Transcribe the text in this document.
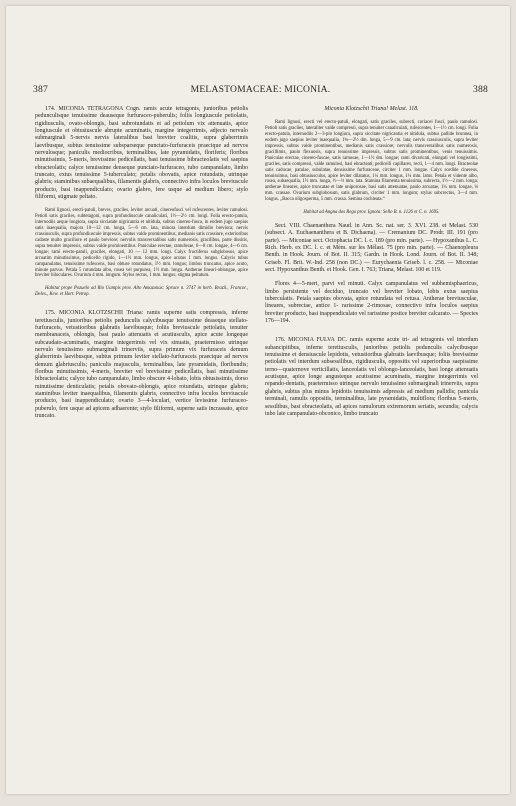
387	MELASTOMACEAE: MICONIA.	388

174. MICONIA TETRAGONA Cogn. ramis acute tetragonis, junioribus petiolis pedunculisque tenuissime deauseque furfuraceo-puberulis; foliis longiuscule petiolatis, rigidiusculis, ovato-oblongis, basi subrotundatis et ad petiolum vix attenuatis, apice longiuscule et obtusiuscule abrupte acuminatis, margine integerrimis, adjecto nervulo submarginali 5-nervis nervis lateralibus basi breviter coalitis, supra glaberrimis laevibusque, subtus tenuissime subsparseque punctato-furfuraceis praecique ad nervos nervulosque; paniculis mediocribus, terminalibus, late pyramidatis, floriferis; floribus minutissimis, 5-meris, brevissime pedicellatis, basi tenuissime bibracteolatis vel saepius ebracteolatis; calyce tenuissime denseque punctato-furfuraceo, tubo campanulato, limbo truncato, extus tenuissime 5-tuberculato; petalis obovatis, apice rotundatis, utrinque glabris; staminibus subaequalibus, filamentis glabris, connectivo infra loculos breviuscule producto, basi inappendiculato; ovario glabro, fere usque ad medium libero; stylo filiformi, stigmate peltato.

Rami lignosi, erecti-patuli, breves, graciles, leviter arcuati, cinereofusci vel rufescentes, leviter ramulosi. Petioli satis graciles, subtetagoni, supra profundiuscule canaliculati, 1½—2½ cm. longi. Folia erecto-patula, internodiis aeque longiora, supra sicciatate nigricantia et nitidula, subtus cinereo-fusca, in eodem jugo saepius satis inaequalia, majora 10—12 cm. longa, 5—6 cm. lata, minora interdum dimidio breviora; nervis crassiusculis, supra profundiuscule impressis, subtus valde prominentibus, medianis satis crassiore, exterioribus cadaste multo graciliore et paulo breviore; nervulis transversalibus satis numerosis, gracilibus, parte dissitis, supra tenuiter impressis, subtus valde prominentibus. Paniculae erectae, ramulosae, 6—8 cm. longae, 4—6 cm. longae; rami erecto-patuli, graciles, elongati, 10 — 12 mm. longi. Calyx fructiferus subglobosus, apice arcuatim minutissimus, pedicello rigido, 1—1½ mm. longus, apice acutus 1 mm. longus. Calycis tubus campanulatus, tenuissime rufescens, basi obtuse rotundatus, 1½ mm. longus; limbus truncatus, apice acuto, minute parvus. Petala 5 rotundata albo, rosea vel purpurea, 1½ mm. longa. Antherae lineari-oblongae, apice breviter biloculares. Ovarium 4 mm. longum. Stylus rectus, 1 mm. longus; stigma peltatum.

Habitat prope Pozuelo ad Rio Uampis prov. Alto Amazonas: Spruce n. 3747 in herb. Brazil., Francor., Deles., Kew. et Hort. Petrop.

175. MICONIA KLOTZSCHII Triana: ramis superne satis compressis, inferne teretiusculis, junioribus petiolis pedunculis calycibusque tenuissime deaseque stellato-furfuraceis, vetustioribus glabratis laevibusque; foliis breviuscule petiolatis, tenuiter membranaceis, oblongis, basi paulo attenuatis et acutiusculis, apice acute longeque subcaudato-acuminatis, margine integerrimis vel vix sinuatis, praetermisso utrinque nervulo tenuissimo submarginali trinerviis, supra primum vix furfuraceis demum glaberrimis laevibusque, subtus primum leviter stellato-furfuraceis praecique ad nervos demum glabriusculis; paniculis majusculis, terminalibus, late pyramidatis, floribundis; floribus minutissimis, 4-meris, breviter vel brevissime pedicellatis, basi minutissime bibracteolatis; calyce tubo campanulato, limbo obscure 4-lobato, lobis obtusissimis, dorso minutissime denticulatis; petalis obovato-oblongis, apice rotundatis, utrinque glabris; staminibus leviter inaequalibus, filamentis glabris, connectivo infra loculos breviuscule producto, basi inappendiculato; ovario 3—4-loculari, vertice levissime furfuraceo-puberulo, fere usque ad apicem adhaerente; stylo filiformi, superne satis incrassato, apice truncato.

Miconia Klotzschii Triana! Melast. 118.

Rami lignosi, erecti vel erecto-patuli, elongati, satis graciles, subrecti, coriacei fusci, paulo ramulosi. Petioli satis graciles, lateraliter valde compressi, supra tenuiter canaliculati, rufescentes, 1—1½ cm. longi. Folia erecto-patula, internodiis 2—3-plo longiora, supra siccitate nigricantia et nitidula, subtus pallide brunnea, in eodem jugo saepius leviter inaequalia, 1¾—2½ dm. longa, 5—9 cm. lata; nervis crassiusculis, supra leviter impressis, subtus valde prominentibus, medianis satis crassiore; nervulis transversalibus satis numerosis, gracillimis, paulo flexuosis, supra tenuissime impressis, subtus satis prominentibus, venis tenuissimis. Paniculae erectae, cinereo-fuscae, satis ramosae, 1—1½ dm. longae; rami divaricati, elongati vel longissimi, graciles, satis compressi, valde ramulosi, basi ebracteati; pedicelli capillares, recti, 1—4 mm. longi. Bracteolae satis caducae, patulae, subulatae, densissime furfuraceae, circiter 1 mm. longae. Calyx sordide cinereus, tenuissimus, basi obtusiusculus, apice leviter dilatatus, 1¼ mm. longus, 1¼ mm. latus. Petala et vidente albo, rosea, subaequalia, 1½ mm. longa, ½—⅔ mm. lata. Stamina filamenta tenuissima, subrecta, 1½—2 mm. longa; antherae lineares, apice truncatae et late uniporosae, basi satis attenuatae, paulo arcuatae, 1¼ mm. longae, ⅛ mm. crassae. Ovarium subglobosum, satis glabrum, circiter 1 mm. longum; stylus subcrectus, 3—4 mm. longus. „Bacca oligosperma, 5 mm. crassa. Semina cochleata.“

Habitat ad Angna dos Rego prov. Ignota: Sello B. n. 1126 et C. n. 1695.

Sect. VIII. Chaenanthera Naud. in Ann. Sc. nat. ser. 3. XVI. 238. et Melast. 530 (subsect. A. Euchaenanthera et B. Dichaena). — Cremanium DC. Prodr. III. 191 (pro parte). — Miconiae sect. Octophacia DC. l. c. 189 (pro min. parte). — Hypoxanthus L. C. Rich. Herb. ex DC. l. c. et Mém. sur les Mélast. 75 (pro min. parte). — Chaenopleura Benth. in Hook. Journ. of Bot. II. 315; Gardn. in Hook. Lond. Journ. of Bot. II. 348; Griseb. Fl. Brit. W.-Ind. 258 (non DC.) — Eurychaenia Griseb. l. c. 258. — Miconiae sect. Hypoxanthus Benth. et Hook. Gen. I. 763; Triana, Melast. 100 et 119.

Flores 4—5-meri, parvi vel minuti. Calyx campanulatus vel subhemisphaericus, limbo persistente vel deciduo, truncato vel breviter lobato, lobis extus saepius tuberculatis. Petala saepius obovata, apice rotundata vel retusa. Antherae breviusculae, lineares, subrectae, antice 1- rarissime 2-rimosae, connectivo infra loculos saepius breviter producto, basi inappendiculato vel rarissime postice breviter calcarato. — Species 176—194.

176. MICONIA FULVA DC. ramis superne acute tri- ad tetragonis vel interdum subancipitibus, inferne teretiusculis, junioribus petiolis pedunculis calycibusque tenuissime et densiuscule lepidotis, vetustioribus glabratis laevibusque; foliis brevissime petiolatis vel interdum subsessilibus, rigidiusculis, oppositis vel superioribus saepissime terno—quaternove verticillatis, lanceolatis vel oblongo-lanceolatis, basi longe attenuatis acutisque, apice longe angusteque acutissime acuminatis, margine integerrimis vel repando-dentatis, praetermisso utrinque nervulo tenuissimo submarginali trinerviis, supra glabris, subtus plus minus lepidotis tenuissimis adpressis ad medium pallidis; panicula terminali, ramulis oppositis, terminalibus, late pyramidatis, multiflora; floribus 5-meris, sessilibus, basi ebracteolatis, ad apices ramulorum extremorum seriatis, secundis; calycis tubo late campanulato-obconico, limbo truncato
